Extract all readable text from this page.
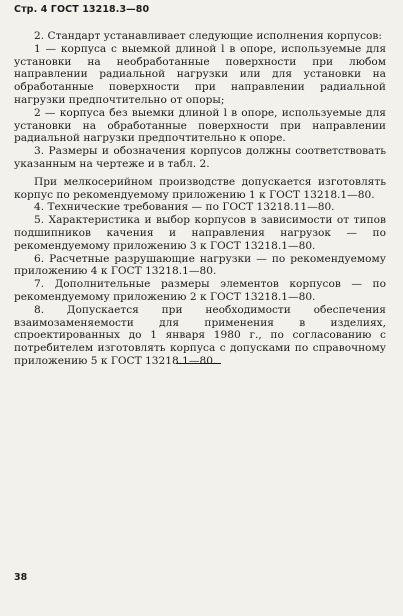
Стр. 4 ГОСТ 13218.3—80

2. Стандарт устанавливает следующие исполнения корпусов:

1 — корпуса с выемкой длиной l в опоре, используемые для установки на необработанные поверхности при любом направлении радиальной нагрузки или для установки на обработанные поверхности при направлении радиальной нагрузки предпочтительно от опоры;

2 — корпуса без выемки длиной l в опоре, используемые для установки на обработанные поверхности при направлении радиальной нагрузки предпочтительно к опоре.

3. Размеры и обозначения корпусов должны соответствовать указанным на чертеже и в табл. 2.

При мелкосерийном производстве допускается изготовлять корпус по рекомендуемому приложению 1 к ГОСТ 13218.1—80.

4. Технические требования — по ГОСТ 13218.11—80.

5. Характеристика и выбор корпусов в зависимости от типов подшипников качения и направления нагрузок — по рекомендуемому приложению 3 к ГОСТ 13218.1—80.

6. Расчетные разрушающие нагрузки — по рекомендуемому приложению 4 к ГОСТ 13218.1—80.

7. Дополнительные размеры элементов корпусов — по рекомендуемому приложению 2 к ГОСТ 13218.1—80.

8. Допускается при необходимости обеспечения взаимозаменяемости для применения в изделиях, спроектированных до 1 января 1980 г., по согласованию с потребителем изготовлять корпуса с допусками по справочному приложению 5 к ГОСТ 13218.1—80.

38
